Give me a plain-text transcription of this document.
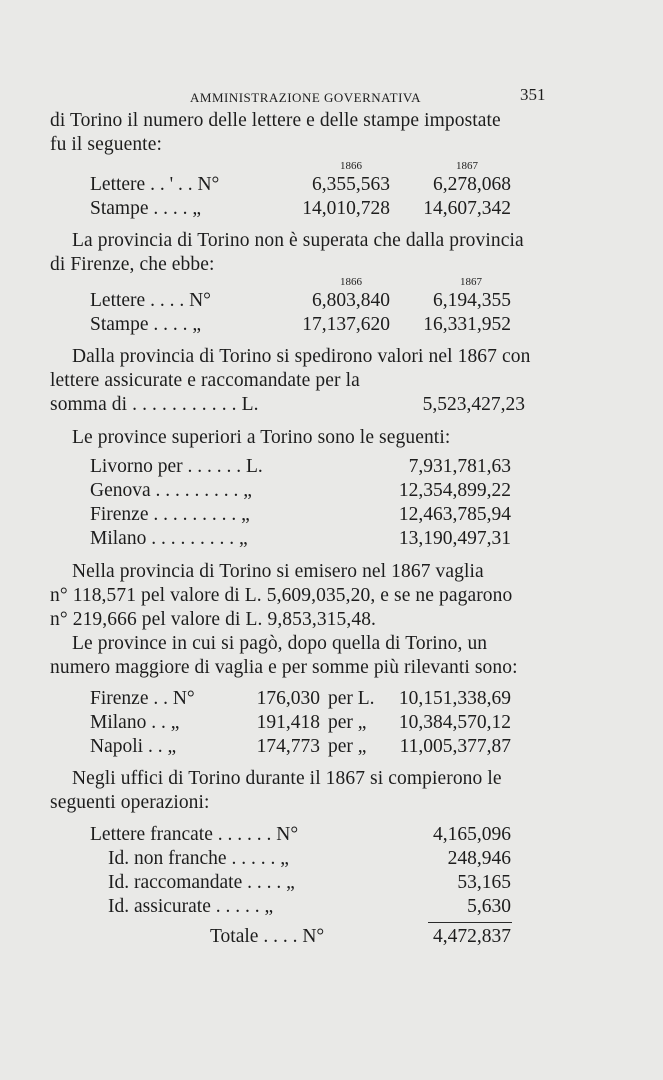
AMMINISTRAZIONE GOVERNATIVA	351
di Torino il numero delle lettere e delle stampe impostate
fu il seguente:
1866	1867
Lettere . . ' . . N°	6,355,563	6,278,068
Stampe . . . . „	14,010,728	14,607,342
La provincia di Torino non è superata che dalla provincia
di Firenze, che ebbe:
1866	1867
Lettere . . . . N°	6,803,840	6,194,355
Stampe . . . . „	17,137,620	16,331,952
Dalla provincia di Torino si spedirono valori nel 1867 con
lettere assicurate e raccomandate per la
somma di . . . . . . . . . . . L.	5,523,427,23
Le province superiori a Torino sono le seguenti:
Livorno per . . . . . . L.	7,931,781,63
Genova . . . . . . . . . „	12,354,899,22
Firenze . . . . . . . . . „	12,463,785,94
Milano . . . . . . . . . „	13,190,497,31
Nella provincia di Torino si emisero nel 1867 vaglia
n° 118,571 pel valore di L. 5,609,035,20, e se ne pagarono
n° 219,666 pel valore di L. 9,853,315,48.
Le province in cui si pagò, dopo quella di Torino, un
numero maggiore di vaglia e per somme più rilevanti sono:
Firenze . . N°	176,030 per L.	10,151,338,69
Milano . . „	191,418 per „	10,384,570,12
Napoli . . „	174,773 per „	11,005,377,87
Negli uffici di Torino durante il 1867 si compierono le
seguenti operazioni:
Lettere francate . . . . . . N°	4,165,096
Id. non franche . . . . . „	248,946
Id. raccomandate . . . . „	53,165
Id. assicurate . . . . . „	5,630
Totale . . . . N°	4,472,837
